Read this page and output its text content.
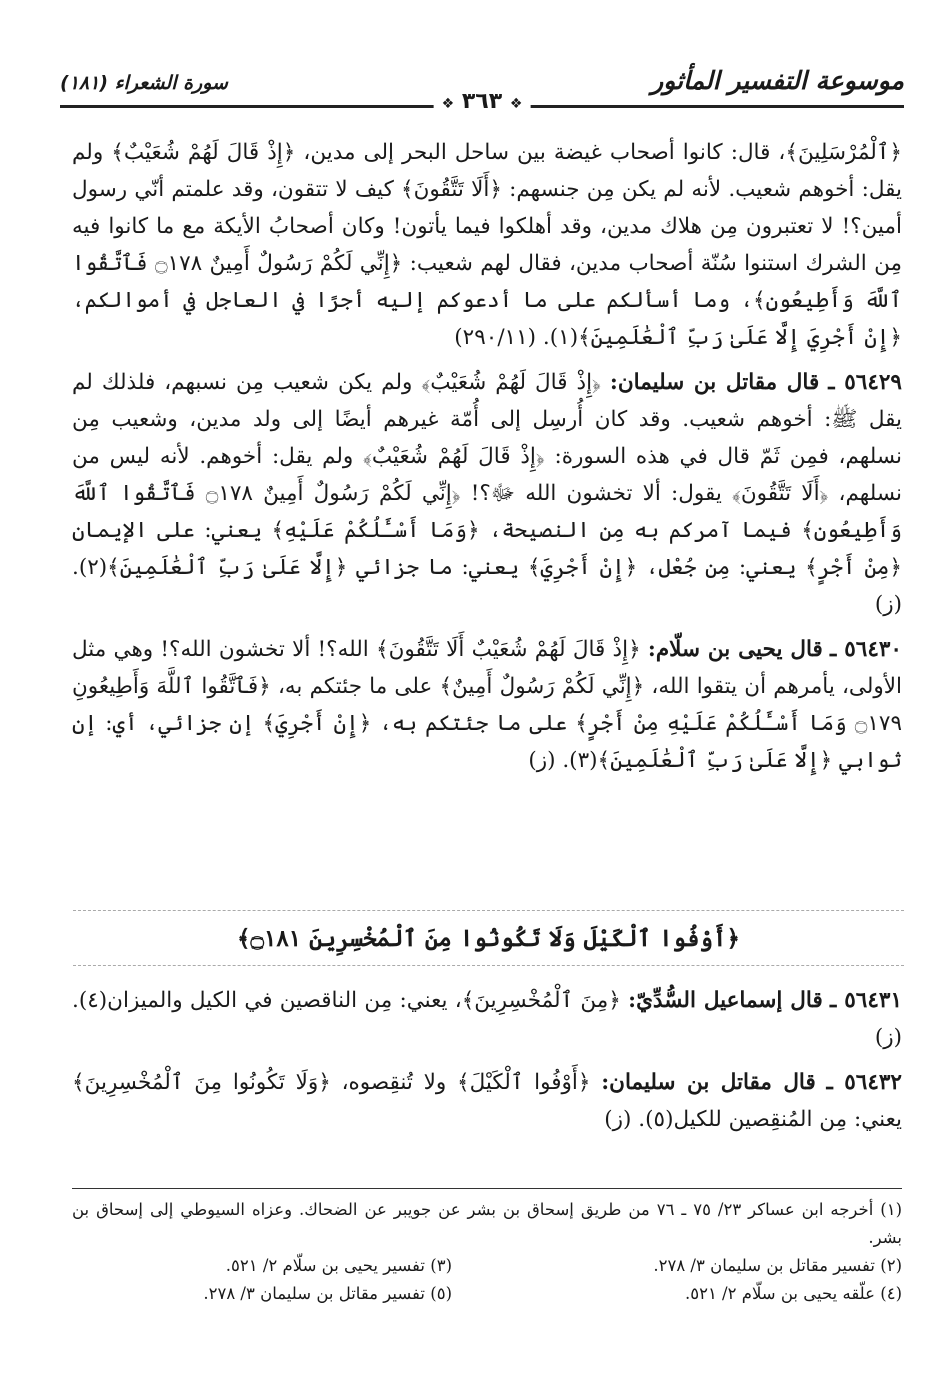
موسوعة التفسير المأثور
سورة الشعراء (١٨١)
❖ ٣٦٣ ❖

﴿ٱلْمُرْسَلِينَ﴾، قال: كانوا أصحاب غيضة بين ساحل البحر إلى مدين، ﴿إِذْ قَالَ لَهُمْ شُعَيْبٌ﴾ ولم يقل: أخوهم شعيب. لأنه لم يكن مِن جنسهم: ﴿أَلَا تَتَّقُونَ﴾ كيف لا تتقون، وقد علمتم أنّي رسول أمين؟! لا تعتبرون مِن هلاك مدين، وقد أهلكوا فيما يأتون! وكان أصحابُ الأيكة مع ما كانوا فيه مِن الشرك استنوا سُنّة أصحاب مدين، فقال لهم شعيب: ﴿إِنِّي لَكُمْ رَسُولٌ أَمِينٌ ۝١٧٨ فَٱتَّقُوا ٱللَّهَ وَأَطِيعُونِ﴾، وما أسألكم على ما أدعوكم إليه أجرًا في العاجل في أموالكم، ﴿إِنْ أَجْرِيَ إِلَّا عَلَىٰ رَبِّ ٱلْعَٰلَمِينَ﴾(١). (٢٩٠/١١)

٥٦٤٢٩ ـ قال مقاتل بن سليمان: ﴿إِذْ قَالَ لَهُمْ شُعَيْبٌ﴾ ولم يكن شعيب مِن نسبهم، فلذلك لم يقل ﷺ: أخوهم شعيب. وقد كان أُرسِل إلى أُمّة غيرهم أيضًا إلى ولد مدين، وشعيب مِن نسلهم، فمِن ثَمّ قال في هذه السورة: ﴿إِذْ قَالَ لَهُمْ شُعَيْبٌ﴾ ولم يقل: أخوهم. لأنه ليس من نسلهم، ﴿أَلَا تَتَّقُونَ﴾ يقول: ألا تخشون الله ﷻ؟! ﴿إِنِّي لَكُمْ رَسُولٌ أَمِينٌ ۝١٧٨ فَٱتَّقُوا ٱللَّهَ وَأَطِيعُونِ﴾ فيما آمركم به مِن النصيحة، ﴿وَمَا أَسْـَٔلُكُمْ عَلَيْهِ﴾ يعني: على الإيمان ﴿مِنْ أَجْرٍ﴾ يعني: مِن جُعْل، ﴿إِنْ أَجْرِيَ﴾ يعني: ما جزائي ﴿إِلَّا عَلَىٰ رَبِّ ٱلْعَٰلَمِينَ﴾(٢). (ز)

٥٦٤٣٠ ـ قال يحيى بن سلّام: ﴿إِذْ قَالَ لَهُمْ شُعَيْبٌ أَلَا تَتَّقُونَ﴾ الله؟! ألا تخشون الله؟! وهي مثل الأولى، يأمرهم أن يتقوا الله، ﴿إِنِّي لَكُمْ رَسُولٌ أَمِينٌ﴾ على ما جئتكم به، ﴿فَٱتَّقُوا ٱللَّهَ وَأَطِيعُونِ ۝١٧٩ وَمَا أَسْـَٔلُكُمْ عَلَيْهِ مِنْ أَجْرٍ﴾ على ما جئتكم به، ﴿إِنْ أَجْرِيَ﴾ إن جزائي، أي: إن ثوابي ﴿إِلَّا عَلَىٰ رَبِّ ٱلْعَٰلَمِينَ﴾(٣). (ز)

﴿أَوْفُوا ٱلْكَيْلَ وَلَا تَكُونُوا مِنَ ٱلْمُخْسِرِينَ ۝١٨١﴾

٥٦٤٣١ ـ قال إسماعيل السُّدِّيّ: ﴿مِنَ ٱلْمُخْسِرِينَ﴾، يعني: مِن الناقصين في الكيل والميزان(٤). (ز)

٥٦٤٣٢ ـ قال مقاتل بن سليمان: ﴿أَوْفُوا ٱلْكَيْلَ﴾ ولا تُنقِصوه، ﴿وَلَا تَكُونُوا مِنَ ٱلْمُخْسِرِينَ﴾ يعني: مِن المُنقِصين للكيل(٥). (ز)

(١) أخرجه ابن عساكر ٢٣/ ٧٥ ـ ٧٦ من طريق إسحاق بن بشر عن جويبر عن الضحاك. وعزاه السيوطي إلى إسحاق بن بشر.
(٢) تفسير مقاتل بن سليمان ٣/ ٢٧٨.
(٣) تفسير يحيى بن سلّام ٢/ ٥٢١.
(٤) علّقه يحيى بن سلّام ٢/ ٥٢١.
(٥) تفسير مقاتل بن سليمان ٣/ ٢٧٨.
